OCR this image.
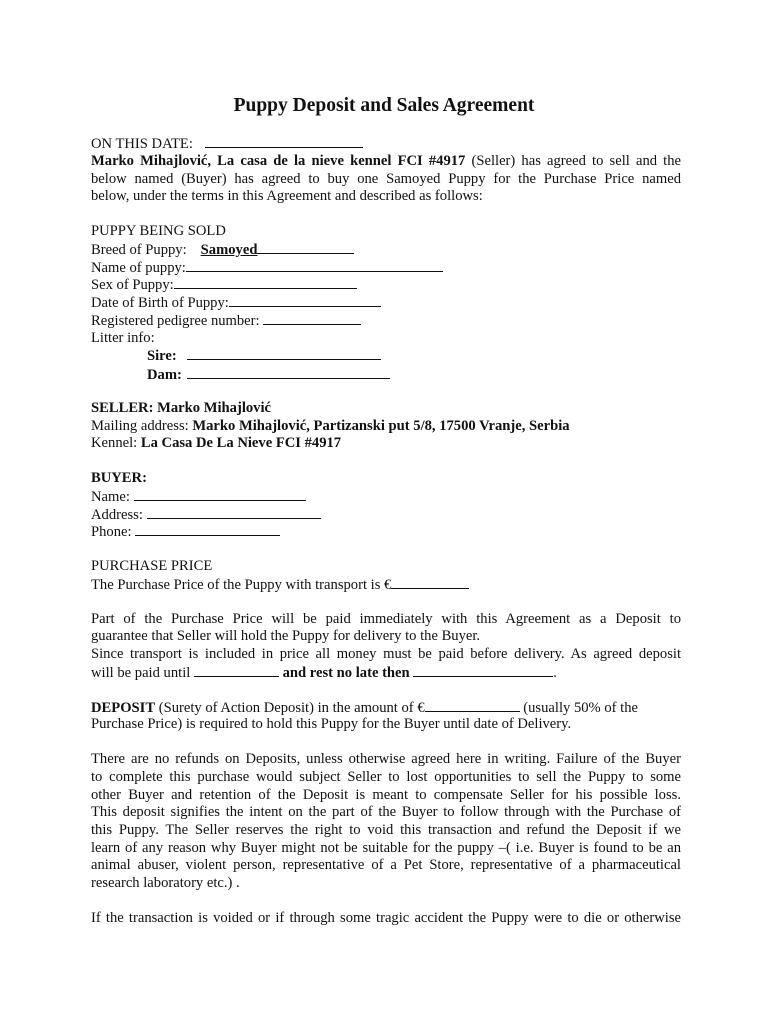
Puppy Deposit and Sales Agreement

ON THIS DATE:

Marko Mihajlović, La casa de la nieve kennel FCI #4917 (Seller) has agreed to sell and the

below named (Buyer) has agreed to buy one Samoyed Puppy for the Purchase Price named

below, under the terms in this Agreement and described as follows:

PUPPY BEING SOLD

Breed of Puppy: Samoyed

Name of puppy:

Sex of Puppy:

Date of Birth of Puppy:

Registered pedigree number:

Litter info:

Sire:

Dam:

SELLER: Marko Mihajlović

Mailing address: Marko Mihajlović, Partizanski put 5/8, 17500 Vranje, Serbia

Kennel: La Casa De La Nieve FCI #4917

BUYER:

Name:

Address:

Phone:

PURCHASE PRICE

The Purchase Price of the Puppy with transport is €

Part of the Purchase Price will be paid immediately with this Agreement as a Deposit to

guarantee that Seller will hold the Puppy for delivery to the Buyer.

Since transport is included in price all money must be paid before delivery. As agreed deposit

will be paid until	and rest no late then	.

DEPOSIT (Surety of Action Deposit) in the amount of €	(usually 50% of the

Purchase Price) is required to hold this Puppy for the Buyer until date of Delivery.

There are no refunds on Deposits, unless otherwise agreed here in writing. Failure of the Buyer

to complete this purchase would subject Seller to lost opportunities to sell the Puppy to some

other Buyer and retention of the Deposit is meant to compensate Seller for his possible loss.

This deposit signifies the intent on the part of the Buyer to follow through with the Purchase of

this Puppy. The Seller reserves the right to void this transaction and refund the Deposit if we

learn of any reason why Buyer might not be suitable for the puppy –( i.e. Buyer is found to be an

animal abuser, violent person, representative of a Pet Store, representative of a pharmaceutical

research laboratory etc.) .

If the transaction is voided or if through some tragic accident the Puppy were to die or otherwise
